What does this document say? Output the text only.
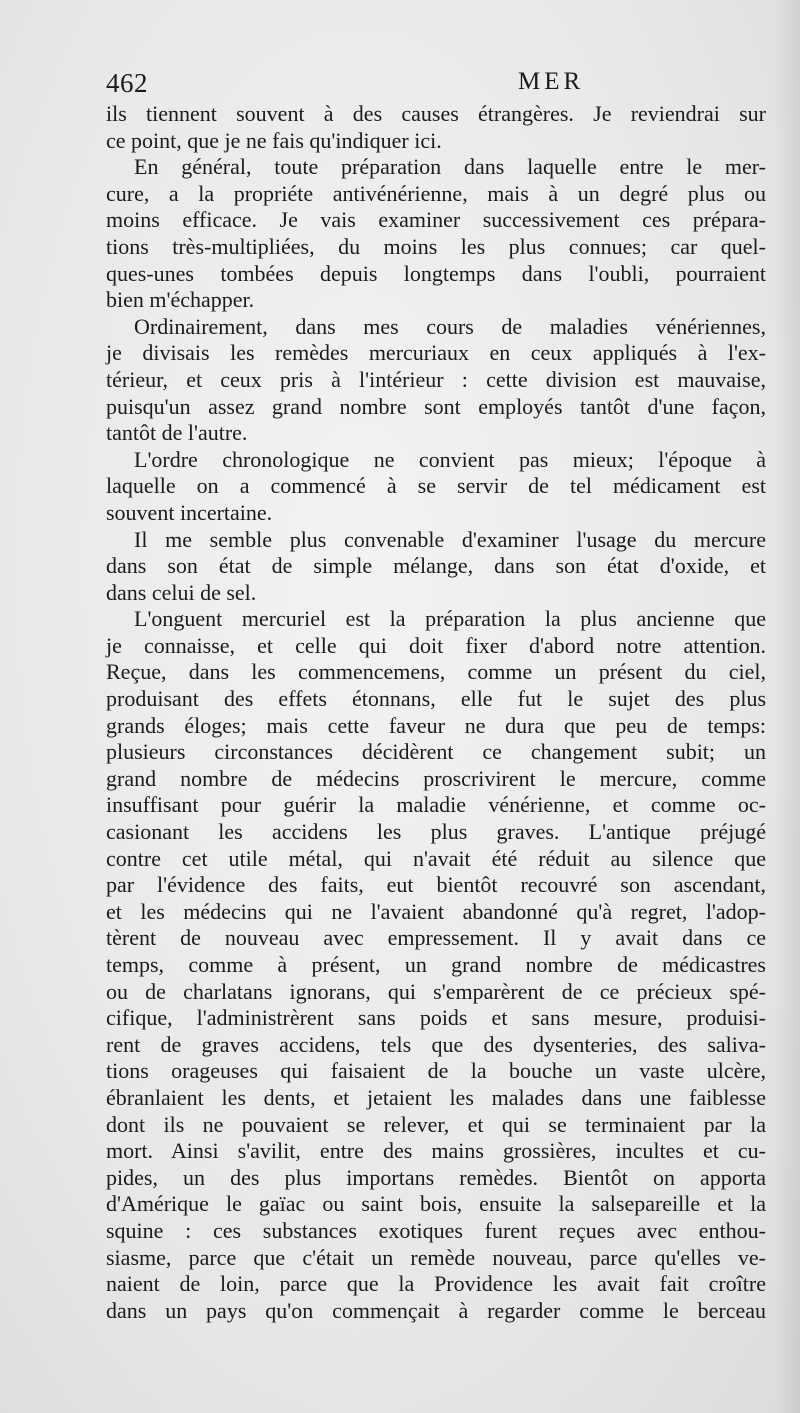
462	MER
ils tiennent souvent à des causes étrangères. Je reviendrai sur
ce point, que je ne fais qu'indiquer ici.
En général, toute préparation dans laquelle entre le mer-
cure, a la propriéte antivénérienne, mais à un degré plus ou
moins efficace. Je vais examiner successivement ces prépara-
tions très-multipliées, du moins les plus connues; car quel-
ques-unes tombées depuis longtemps dans l'oubli, pourraient
bien m'échapper.
Ordinairement, dans mes cours de maladies vénériennes,
je divisais les remèdes mercuriaux en ceux appliqués à l'ex-
térieur, et ceux pris à l'intérieur : cette division est mauvaise,
puisqu'un assez grand nombre sont employés tantôt d'une façon,
tantôt de l'autre.
L'ordre chronologique ne convient pas mieux; l'époque à
laquelle on a commencé à se servir de tel médicament est
souvent incertaine.
Il me semble plus convenable d'examiner l'usage du mercure
dans son état de simple mélange, dans son état d'oxide, et
dans celui de sel.
L'onguent mercuriel est la préparation la plus ancienne que
je connaisse, et celle qui doit fixer d'abord notre attention.
Reçue, dans les commencemens, comme un présent du ciel,
produisant des effets étonnans, elle fut le sujet des plus
grands éloges; mais cette faveur ne dura que peu de temps:
plusieurs circonstances décidèrent ce changement subit; un
grand nombre de médecins proscrivirent le mercure, comme
insuffisant pour guérir la maladie vénérienne, et comme oc-
casionant les accidens les plus graves. L'antique préjugé
contre cet utile métal, qui n'avait été réduit au silence que
par l'évidence des faits, eut bientôt recouvré son ascendant,
et les médecins qui ne l'avaient abandonné qu'à regret, l'adop-
tèrent de nouveau avec empressement. Il y avait dans ce
temps, comme à présent, un grand nombre de médicastres
ou de charlatans ignorans, qui s'emparèrent de ce précieux spé-
cifique, l'administrèrent sans poids et sans mesure, produisi-
rent de graves accidens, tels que des dysenteries, des saliva-
tions orageuses qui faisaient de la bouche un vaste ulcère,
ébranlaient les dents, et jetaient les malades dans une faiblesse
dont ils ne pouvaient se relever, et qui se terminaient par la
mort. Ainsi s'avilit, entre des mains grossières, incultes et cu-
pides, un des plus importans remèdes. Bientôt on apporta
d'Amérique le gaïac ou saint bois, ensuite la salsepareille et la
squine : ces substances exotiques furent reçues avec enthou-
siasme, parce que c'était un remède nouveau, parce qu'elles ve-
naient de loin, parce que la Providence les avait fait croître
dans un pays qu'on commençait à regarder comme le berceau
